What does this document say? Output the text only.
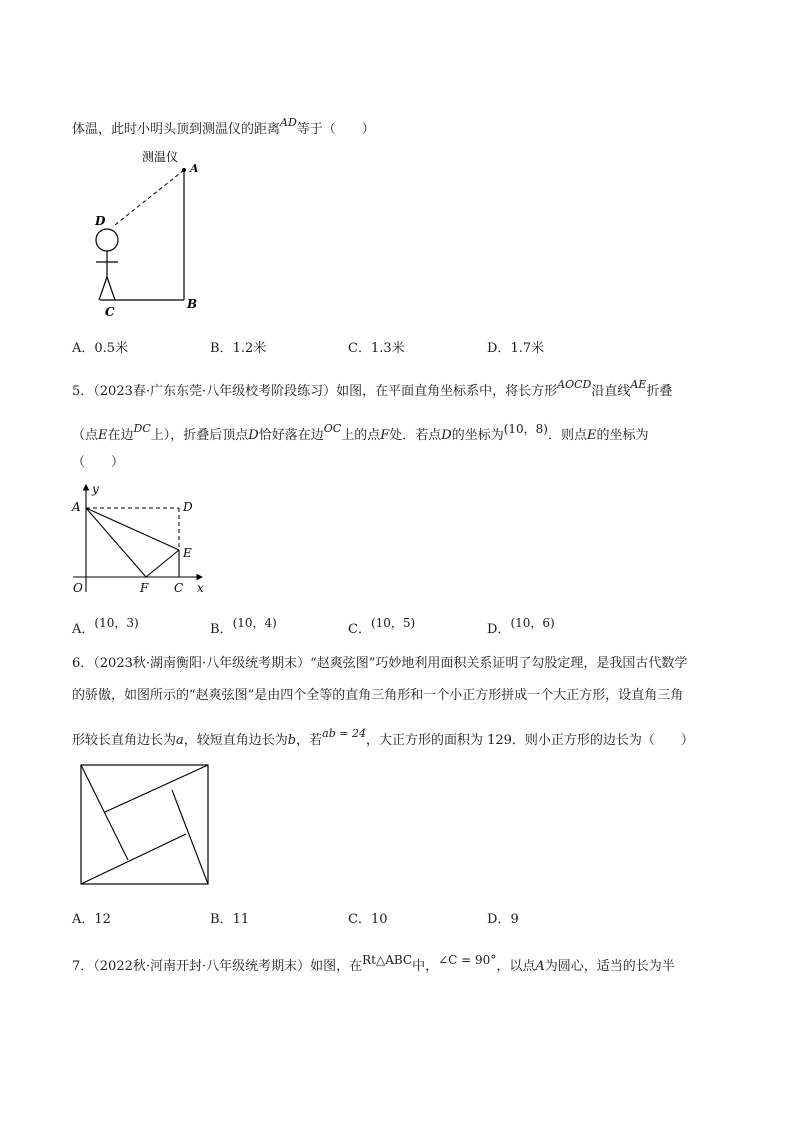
体温，此时小明头顶到测温仪的距离$^{AD}$等于（　　）
测温仪
A
D
B
C
A．0.5米	B．1.2米	C．1.3米	D．1.7米
5．（2023春·广东东莞·八年级校考阶段练习）如图，在平面直角坐标系中，将长方形$^{AOCD}$沿直线$^{AE}$折叠
（点E在边$^{DC}$上），折叠后顶点D恰好落在边$^{OC}$上的点F处．若点D的坐标为(10，8)．则点E的坐标为
（　　）
y
A	D
E
F
O	C x
A．(10，3)	B．(10，4)	C．(10，5)	D．(10，6)
6．（2023秋·湖南衡阳·八年级统考期末）“赵爽弦图”巧妙地利用面积关系证明了勾股定理，是我国古代数学
的骄傲，如图所示的“赵爽弦图”是由四个全等的直角三角形和一个小正方形拼成一个大正方形，设直角三角
形较长直角边长为a，较短直角边长为b，若$^{ab = 24}$，大正方形的面积为 129．则小正方形的边长为（　　）
A．12	B．11	C．10	D．9
7．（2022秋·河南开封·八年级统考期末）如图，在Rt△ABC中，∠C = 90°，以点A为圆心，适当的长为半
